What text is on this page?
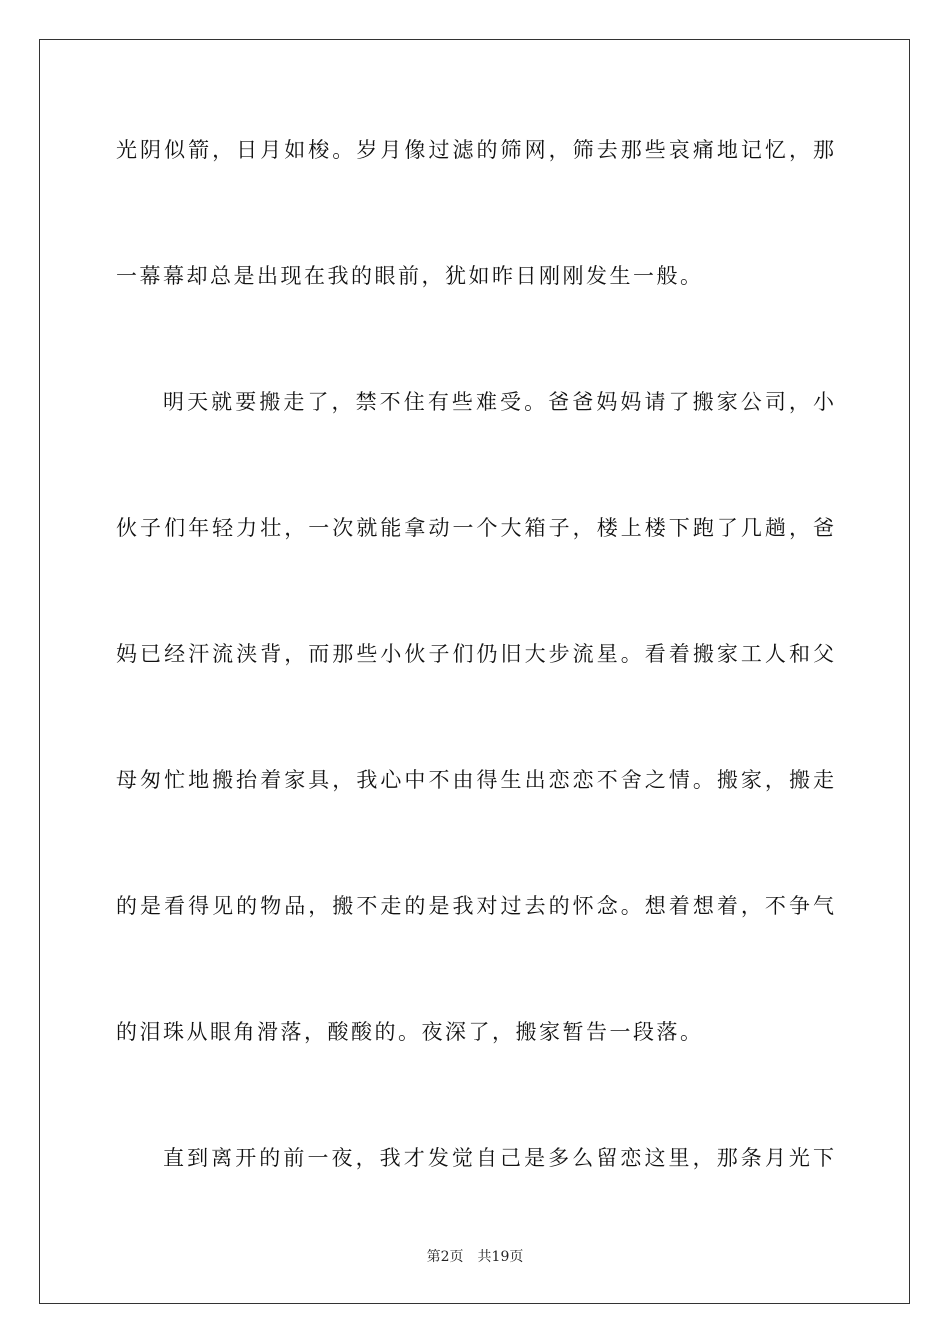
光阴似箭，日月如梭。岁月像过滤的筛网，筛去那些哀痛地记忆，那
一幕幕却总是出现在我的眼前，犹如昨日刚刚发生一般。
明天就要搬走了，禁不住有些难受。爸爸妈妈请了搬家公司，小
伙子们年轻力壮，一次就能拿动一个大箱子，楼上楼下跑了几趟，爸
妈已经汗流浃背，而那些小伙子们仍旧大步流星。看着搬家工人和父
母匆忙地搬抬着家具，我心中不由得生出恋恋不舍之情。搬家，搬走
的是看得见的物品，搬不走的是我对过去的怀念。想着想着，不争气
的泪珠从眼角滑落，酸酸的。夜深了，搬家暂告一段落。
直到离开的前一夜，我才发觉自己是多么留恋这里，那条月光下
第2页 共19页
